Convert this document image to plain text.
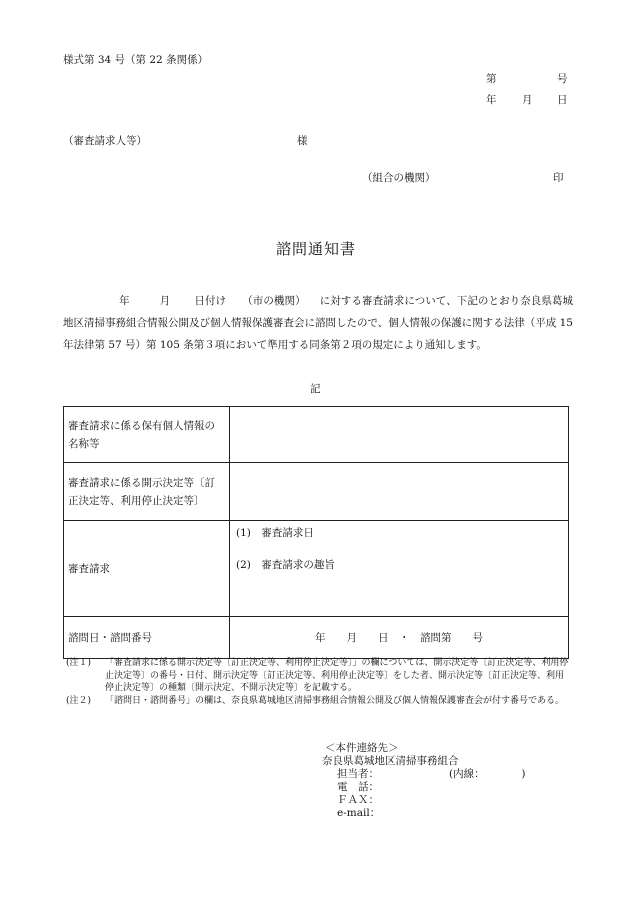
様式第 34 号（第 22 条関係）
第	号
年 月 日
（審査請求人等）	様
（組合の機関）	印
諮問通知書
年	月 日付け （市の機関） に対する審査請求について、下記のとおり奈良県葛城地区清掃事務組合情報公開及び個人情報保護審査会に諮問したので、個人情報の保護に関する法律（平成 15 年法律第 57 号）第 105 条第３項において準用する同条第２項の規定により通知します。
記
審査請求に係る保有個人情報の名称等	
審査請求に係る開示決定等〔訂正決定等、利用停止決定等〕	
審査請求	(1)　審査請求日
(2)　審査請求の趣旨

諮問日・諮問番号	年　　月　　日　・　諮問第　　号
(注１)	「審査請求に係る開示決定等〔訂正決定等、利用停止決定等〕」の欄については、開示決定等〔訂正決定等、利用停止決定等〕の番号・日付、開示決定等〔訂正決定等、利用停止決定等〕をした者、開示決定等〔訂正決定等、利用停止決定等〕の種類〔開示決定、不開示決定等〕を記載する。
(注２)	「諮問日・諮問番号」の欄は、奈良県葛城地区清掃事務組合情報公開及び個人情報保護審査会が付す番号である。
＜本件連絡先＞
奈良県葛城地区清掃事務組合
担当者：	(内線：　　　　)
電　話：
ＦＡＸ：
e-mail：
